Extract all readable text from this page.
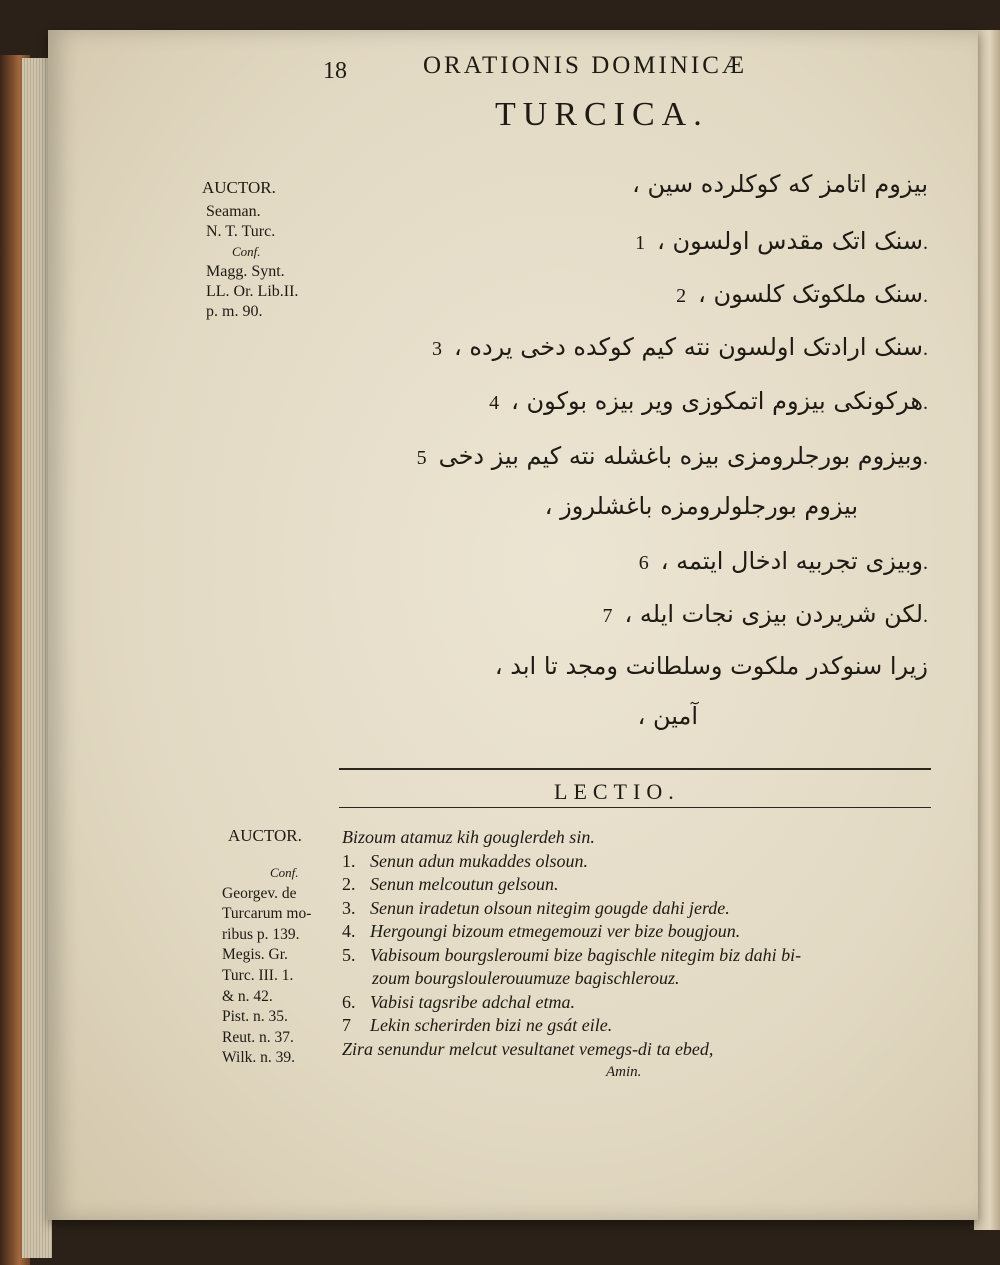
18	ORATIONIS DOMINICÆ
TURCICA.
AUCTOR.
Seaman.
N. T. Turc.
Conf.
Magg. Synt.
LL. Or. Lib.II.
p. m. 90.
بیزوم اتامز که کوکلرده سین ،
سنک اتک مقدس اولسون ،1.
سنک ملکوتک کلسون ،2.
سنک ارادتک اولسون نته کیم کوکده دخی یرده ،3.
هرکونکی بیزوم اتمکوزی ویر بیزه بوکون ،4.
وبیزوم بورجلرومزی بیزه باغشله نته کیم بیز دخی5.
بیزوم بورجلولرومزه باغشلروز ،
وبیزی تجربیه ادخال ایتمه ،6.
لکن شریردن بیزی نجات ایله ،7.
زیرا سنوکدر ملکوت وسلطانت ومجد تا ابد ،
آمین ،
LECTIO.
AUCTOR.
Conf.
Georgev. de
Turcarum mo-
ribus p. 139.
Megis. Gr.
Turc. III. 1.
& n. 42.
Pist. n. 35.
Reut. n. 37.
Wilk. n. 39.
Bizoum atamuz kih gouglerdeh sin.
1. Senun adun mukaddes olsoun.
2. Senun melcoutun gelsoun.
3. Senun iradetun olsoun nitegim gougde dahi jerde.
4. Hergoungi bizoum etmegemouzi ver bize bougjoun.
5. Vabisoum bourgsleroumi bize bagischle nitegim biz dahi bi-
zoum bourgsloulerouumuze bagischlerouz.
6. Vabisi tagsribe adchal etma.
7 Lekin scherirden bizi ne gsát eile.
Zira senundur melcut vesultanet vemegs-di ta ebed,
Amin.
